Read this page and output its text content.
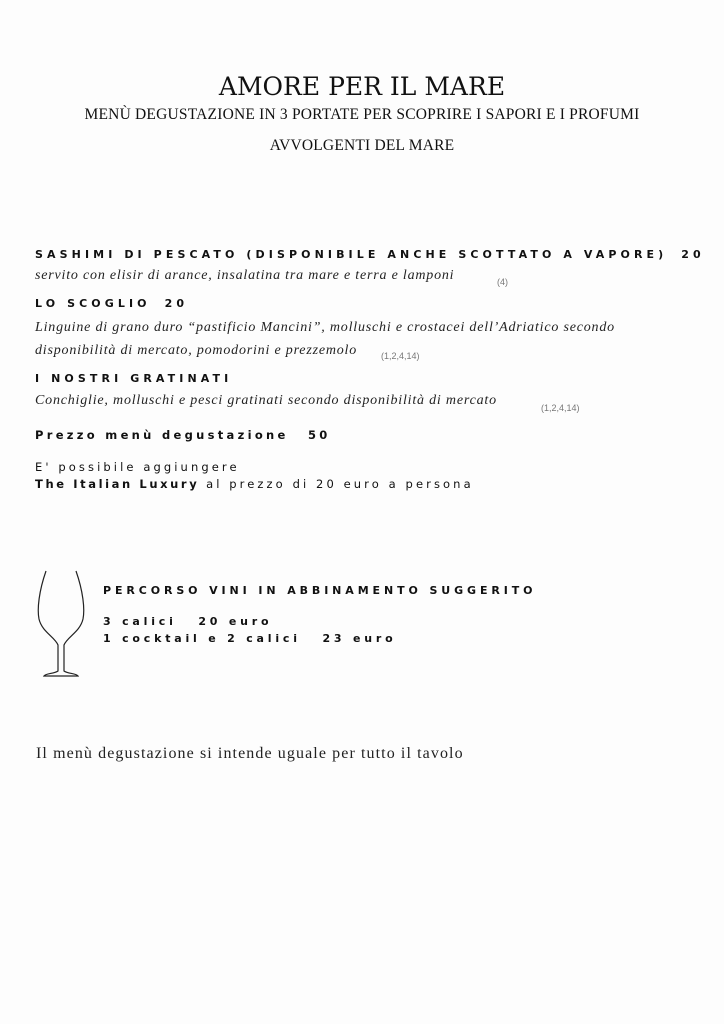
AMORE PER IL MARE
MENÙ DEGUSTAZIONE IN 3 PORTATE PER SCOPRIRE I SAPORI E I PROFUMI
AVVOLGENTI DEL MARE
SASHIMI DI PESCATO (DISPONIBILE ANCHE SCOTTATO A VAPORE) 20
servito con elisir di arance, insalatina tra mare e terra e lamponi	(4)
LO SCOGLIO 20
Linguine di grano duro “pastificio Mancini”, molluschi e crostacei dell’Adriatico secondo
disponibilità di mercato, pomodorini e prezzemolo	(1,2,4,14)
I NOSTRI GRATINATI
Conchiglie, molluschi e pesci gratinati secondo disponibilità di mercato	(1,2,4,14)
Prezzo menù degustazione 50
E' possibile aggiungere
The Italian Luxury al prezzo di 20 euro a persona
PERCORSO VINI IN ABBINAMENTO SUGGERITO
3 calici 20 euro
1 cocktail e 2 calici 23 euro
Il menù degustazione si intende uguale per tutto il tavolo
